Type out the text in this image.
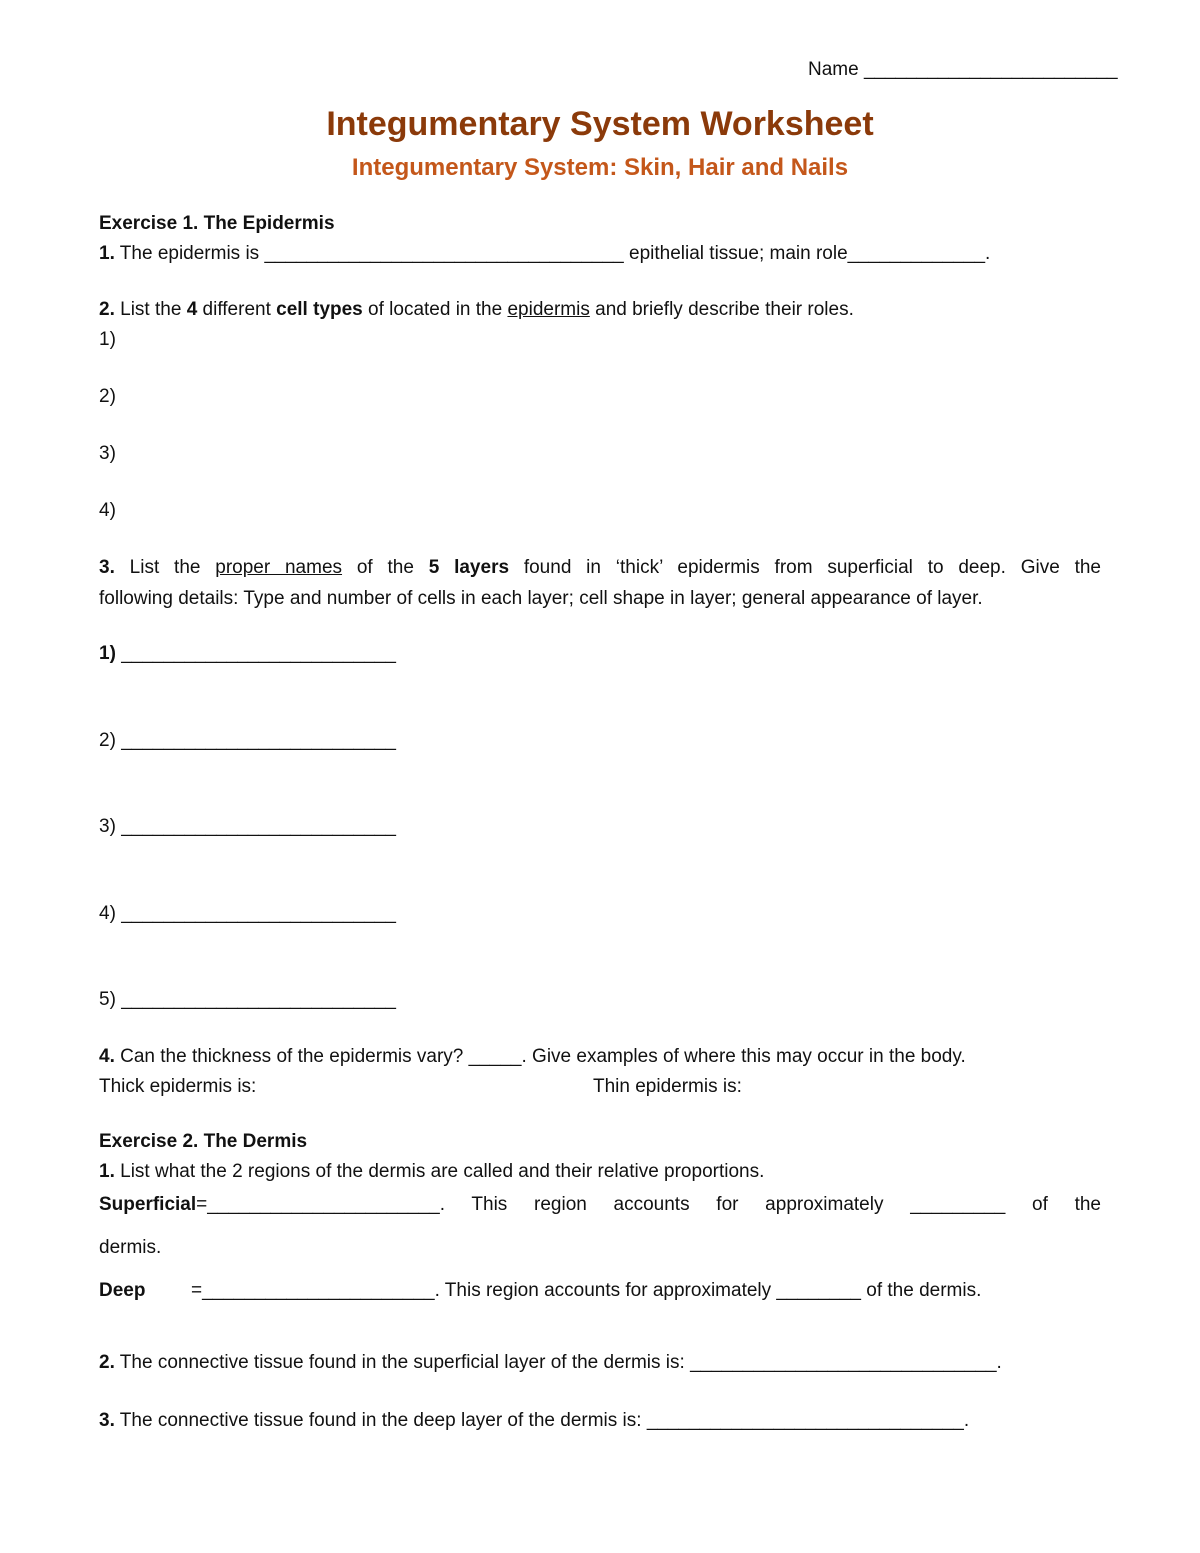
Name ________________________
Integumentary System Worksheet
Integumentary System: Skin, Hair and Nails
Exercise 1. The Epidermis
1. The epidermis is __________________________________ epithelial tissue; main role_____________.
2. List the 4 different cell types of located in the epidermis and briefly describe their roles.
1)
2)
3)
4)
3. List the proper names of the 5 layers found in ‘thick’ epidermis from superficial to deep. Give the
following details: Type and number of cells in each layer; cell shape in layer; general appearance of layer.
1) __________________________
2) __________________________
3) __________________________
4) __________________________
5) __________________________
4. Can the thickness of the epidermis vary? _____. Give examples of where this may occur in the body.
Thick epidermis is:	Thin epidermis is:
Exercise 2. The Dermis
1. List what the 2 regions of the dermis are called and their relative proportions.
Superficial=______________________. This region accounts for approximately _________ of the
dermis.
Deep =______________________. This region accounts for approximately ________ of the dermis.
2. The connective tissue found in the superficial layer of the dermis is: _____________________________.
3. The connective tissue found in the deep layer of the dermis is: ______________________________.
